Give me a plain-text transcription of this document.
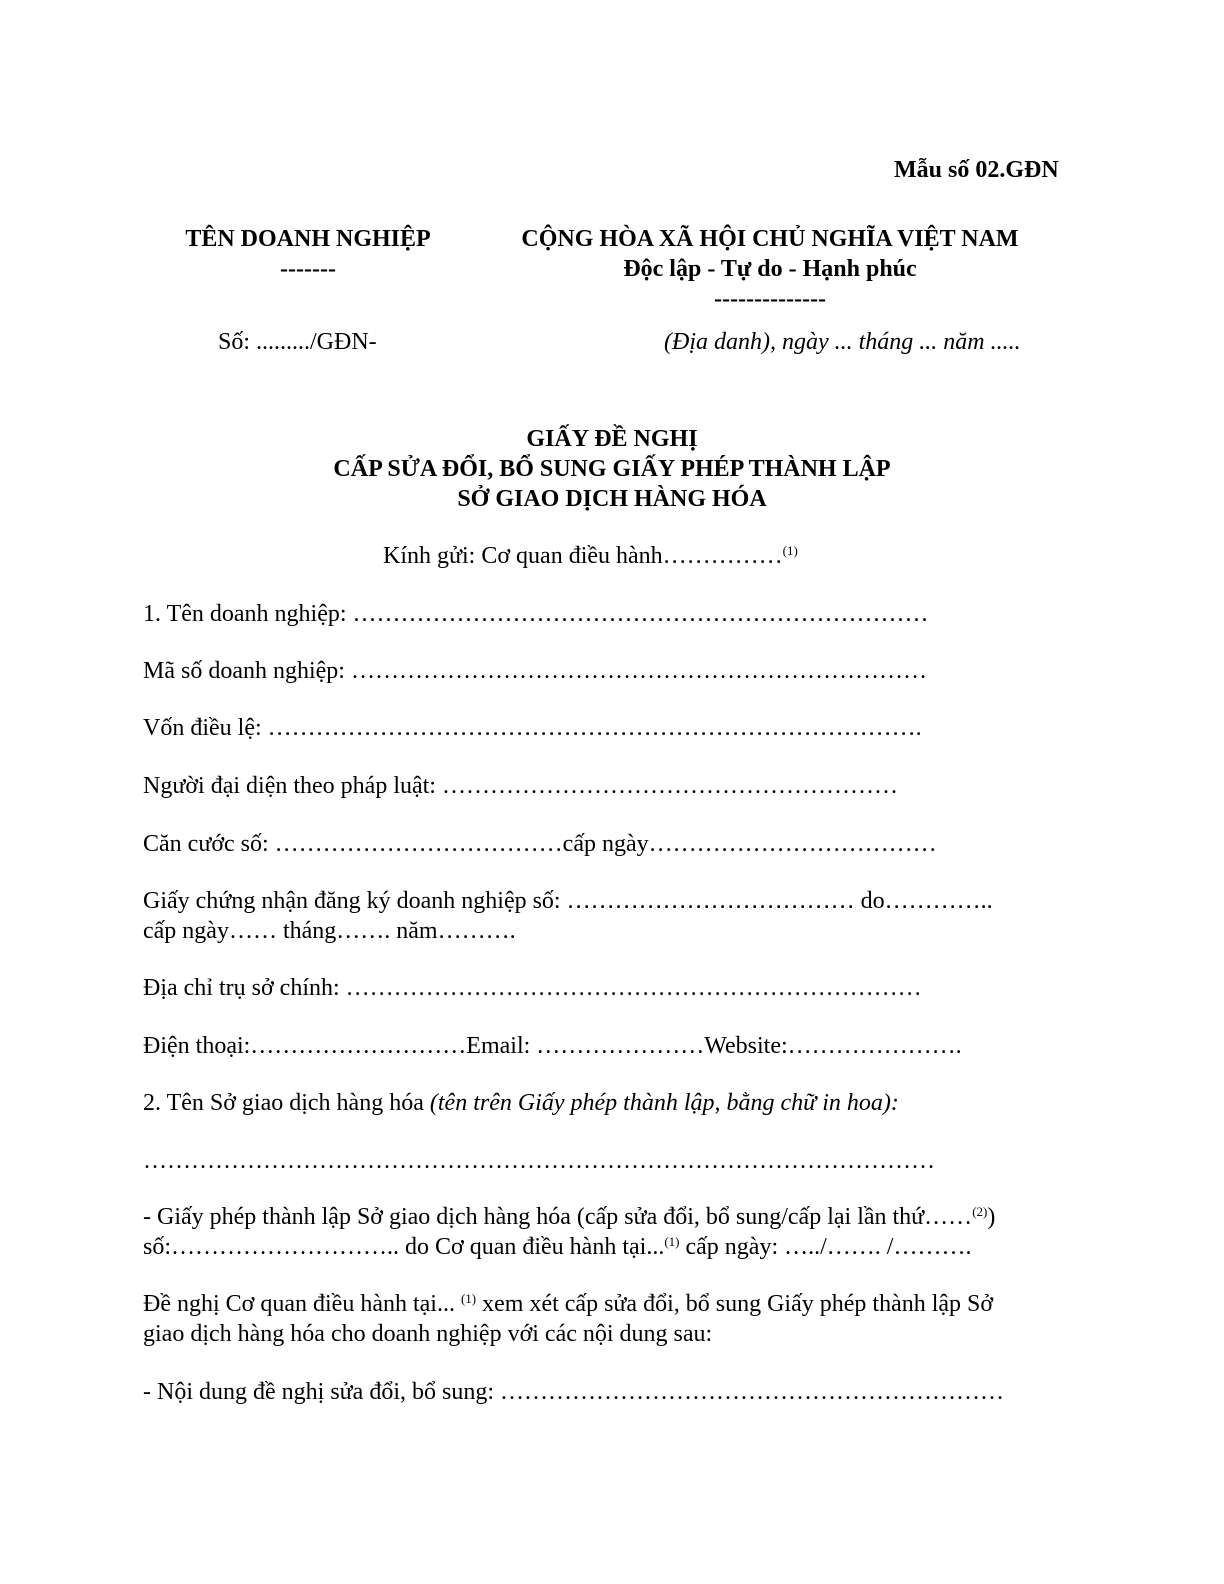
Mẫu số 02.GĐN
TÊN DOANH NGHIỆP
-------
CỘNG HÒA XÃ HỘI CHỦ NGHĨA VIỆT NAM
Độc lập - Tự do - Hạnh phúc
--------------
Số: ........./GĐN-	(Địa danh), ngày ... tháng ... năm .....
GIẤY ĐỀ NGHỊ
CẤP SỬA ĐỔI, BỔ SUNG GIẤY PHÉP THÀNH LẬP
SỞ GIAO DỊCH HÀNG HÓA
Kính gửi: Cơ quan điều hành……………$^{(1)}$
1. Tên doanh nghiệp: ………………………………………………………………
Mã số doanh nghiệp: ………………………………………………………………
Vốn điều lệ: ……………………………………………………………………….
Người đại diện theo pháp luật: …………………………………………………
Căn cước số: ………………………………cấp ngày………………………………
Giấy chứng nhận đăng ký doanh nghiệp số: ……………………………… do…………..
cấp ngày…… tháng……. năm……….
Địa chỉ trụ sở chính: ………………………………………………………………
Điện thoại:………………………Email: …………………Website:………………….
2. Tên Sở giao dịch hàng hóa (tên trên Giấy phép thành lập, bằng chữ in hoa):
………………………………………………………………………………………
- Giấy phép thành lập Sở giao dịch hàng hóa (cấp sửa đổi, bổ sung/cấp lại lần thứ……$^{(2)}$)
số:……………………….. do Cơ quan điều hành tại...$^{(1)}$ cấp ngày: …../……. /……….
Đề nghị Cơ quan điều hành tại... $^{(1)}$ xem xét cấp sửa đổi, bổ sung Giấy phép thành lập Sở
giao dịch hàng hóa cho doanh nghiệp với các nội dung sau:
- Nội dung đề nghị sửa đổi, bổ sung: ………………………………………………………
